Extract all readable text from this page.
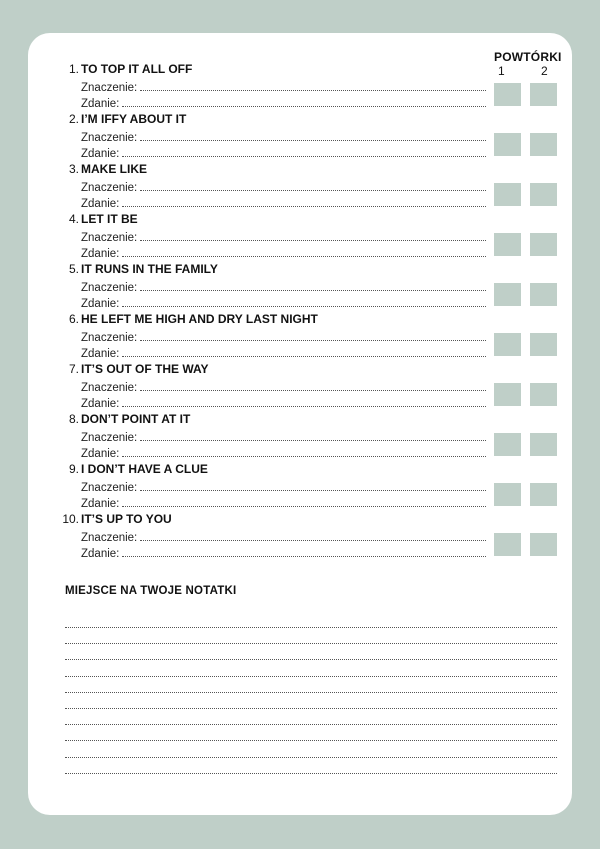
POWTÓRKI
1	2
1. TO TOP IT ALL OFF
Znaczenie:
Zdanie:
2. I’M IFFY ABOUT IT
Znaczenie:
Zdanie:
3. MAKE LIKE
Znaczenie:
Zdanie:
4. LET IT BE
Znaczenie:
Zdanie:
5. IT RUNS IN THE FAMILY
Znaczenie:
Zdanie:
6. HE LEFT ME HIGH AND DRY LAST NIGHT
Znaczenie:
Zdanie:
7. IT’S OUT OF THE WAY
Znaczenie:
Zdanie:
8. DON’T POINT AT IT
Znaczenie:
Zdanie:
9. I DON’T HAVE A CLUE
Znaczenie:
Zdanie:
10. IT’S UP TO YOU
Znaczenie:
Zdanie:
MIEJSCE NA TWOJE NOTATKI
